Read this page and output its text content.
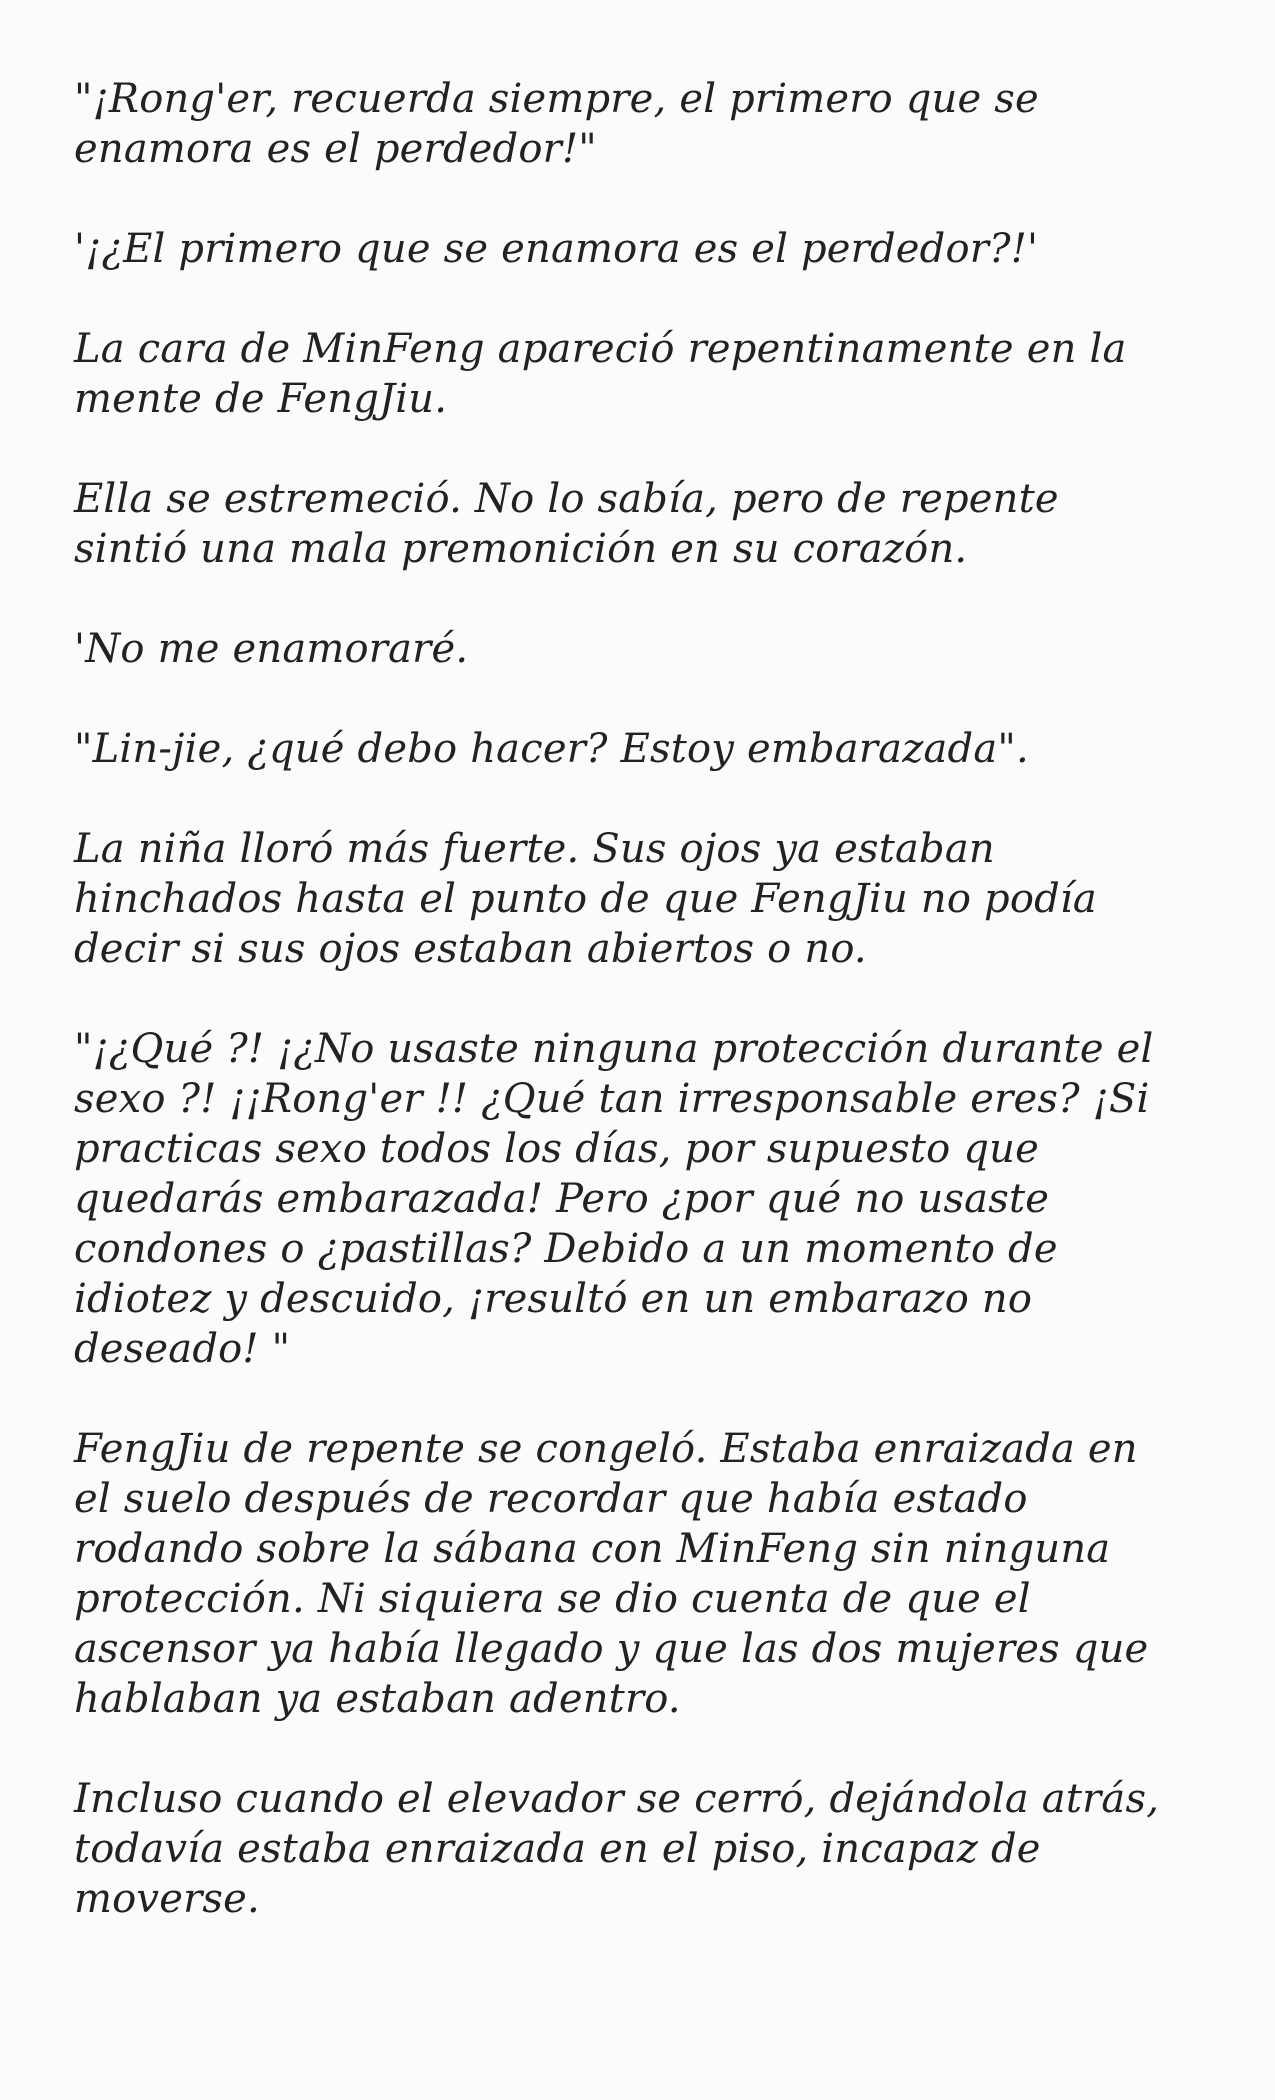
"¡Rong'er, recuerda siempre, el primero que se
enamora es el perdedor!"

'¡¿El primero que se enamora es el perdedor?!'

La cara de MinFeng apareció repentinamente en la
mente de FengJiu.

Ella se estremeció. No lo sabía, pero de repente
sintió una mala premonición en su corazón.

'No me enamoraré.

"Lin-jie, ¿qué debo hacer? Estoy embarazada".

La niña lloró más fuerte. Sus ojos ya estaban
hinchados hasta el punto de que FengJiu no podía
decir si sus ojos estaban abiertos o no.

"¡¿Qué ?! ¡¿No usaste ninguna protección durante el
sexo ?! ¡¡Rong'er !! ¿Qué tan irresponsable eres? ¡Si
practicas sexo todos los días, por supuesto que
quedarás embarazada! Pero ¿por qué no usaste
condones o ¿pastillas? Debido a un momento de
idiotez y descuido, ¡resultó en un embarazo no
deseado! "

FengJiu de repente se congeló. Estaba enraizada en
el suelo después de recordar que había estado
rodando sobre la sábana con MinFeng sin ninguna
protección. Ni siquiera se dio cuenta de que el
ascensor ya había llegado y que las dos mujeres que
hablaban ya estaban adentro.

Incluso cuando el elevador se cerró, dejándola atrás,
todavía estaba enraizada en el piso, incapaz de
moverse.
